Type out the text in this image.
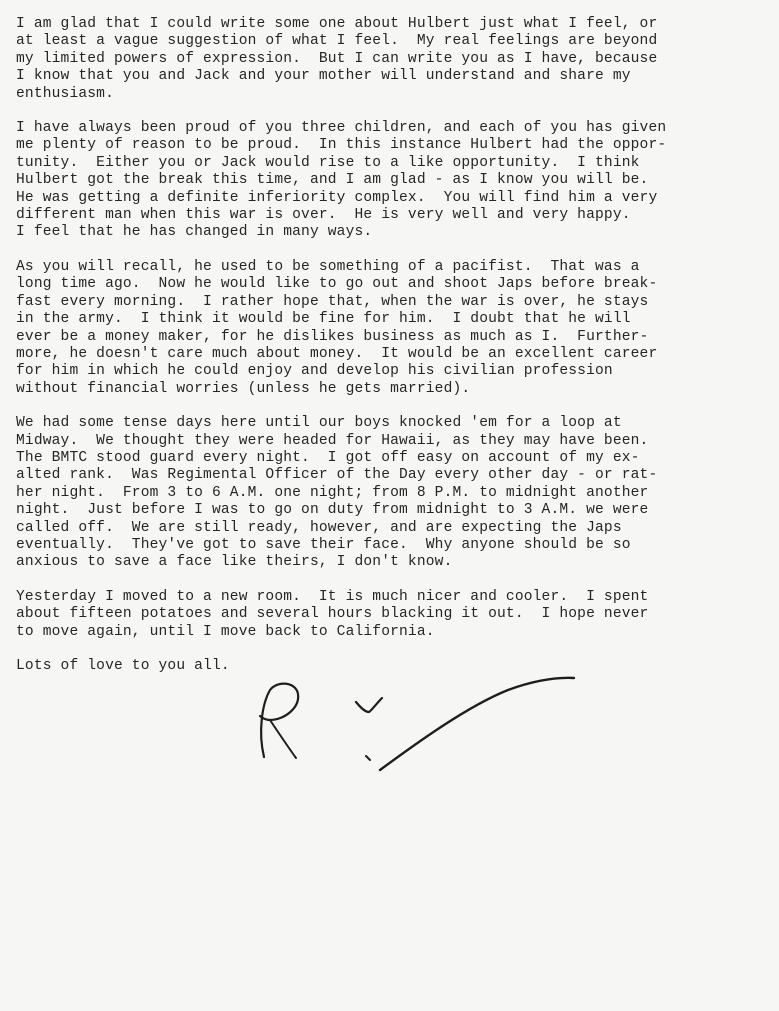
I am glad that I could write some one about Hulbert just what I feel, or
at least a vague suggestion of what I feel.  My real feelings are beyond
my limited powers of expression.  But I can write you as I have, because
I know that you and Jack and your mother will understand and share my
enthusiasm.

I have always been proud of you three children, and each of you has given
me plenty of reason to be proud.  In this instance Hulbert had the oppor-
tunity.  Either you or Jack would rise to a like opportunity.  I think
Hulbert got the break this time, and I am glad - as I know you will be.
He was getting a definite inferiority complex.  You will find him a very
different man when this war is over.  He is very well and very happy.
I feel that he has changed in many ways.

As you will recall, he used to be something of a pacifist.  That was a
long time ago.  Now he would like to go out and shoot Japs before break-
fast every morning.  I rather hope that, when the war is over, he stays
in the army.  I think it would be fine for him.  I doubt that he will
ever be a money maker, for he dislikes business as much as I.  Further-
more, he doesn't care much about money.  It would be an excellent career
for him in which he could enjoy and develop his civilian profession
without financial worries (unless he gets married).

We had some tense days here until our boys knocked 'em for a loop at
Midway.  We thought they were headed for Hawaii, as they may have been.
The BMTC stood guard every night.  I got off easy on account of my ex-
alted rank.  Was Regimental Officer of the Day every other day - or rat-
her night.  From 3 to 6 A.M. one night; from 8 P.M. to midnight another
night.  Just before I was to go on duty from midnight to 3 A.M. we were
called off.  We are still ready, however, and are expecting the Japs
eventually.  They've got to save their face.  Why anyone should be so
anxious to save a face like theirs, I don't know.

Yesterday I moved to a new room.  It is much nicer and cooler.  I spent
about fifteen potatoes and several hours blacking it out.  I hope never
to move again, until I move back to California.

Lots of love to you all.
